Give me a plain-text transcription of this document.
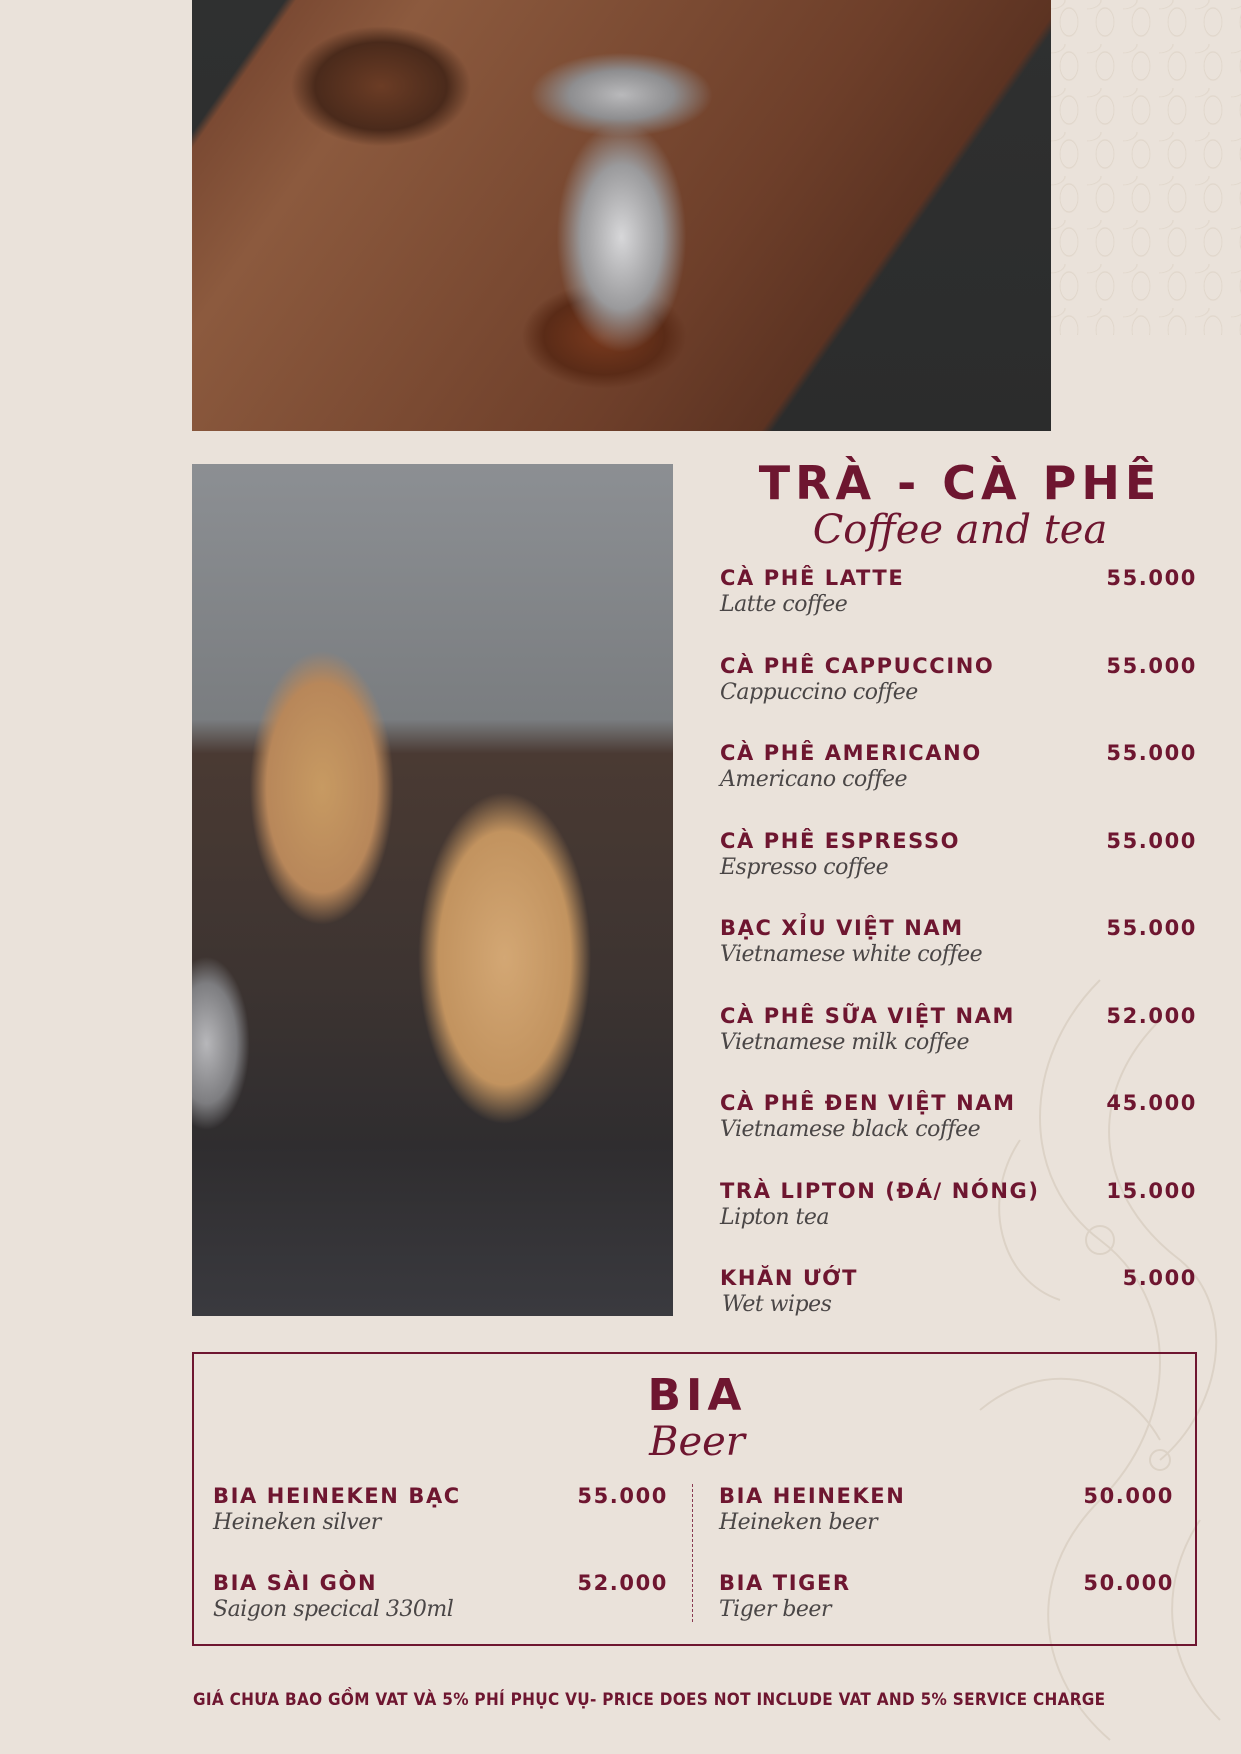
TRÀ - CÀ PHÊ
Coffee and tea
CÀ PHÊ LATTE
Latte coffee
55.000
CÀ PHÊ CAPPUCCINO
Cappuccino coffee
55.000
CÀ PHÊ AMERICANO
Americano coffee
55.000
CÀ PHÊ ESPRESSO
Espresso coffee
55.000
BẠC XỈU VIỆT NAM
Vietnamese white coffee
55.000
CÀ PHÊ SỮA VIỆT NAM
Vietnamese milk coffee
52.000
CÀ PHÊ ĐEN VIỆT NAM
Vietnamese black coffee
45.000
TRÀ LIPTON (ĐÁ/ NÓNG)
Lipton tea
15.000
KHĂN ƯỚT
Wet wipes
5.000
BIA
Beer
BIA HEINEKEN BẠC
Heineken silver
55.000
BIA SÀI GÒN
Saigon specical 330ml
52.000
BIA HEINEKEN
Heineken beer
50.000
BIA TIGER
Tiger beer
50.000
GIÁ CHƯA BAO GỒM VAT VÀ 5% PHÍ PHỤC VỤ- PRICE DOES NOT INCLUDE VAT AND 5% SERVICE CHARGE
